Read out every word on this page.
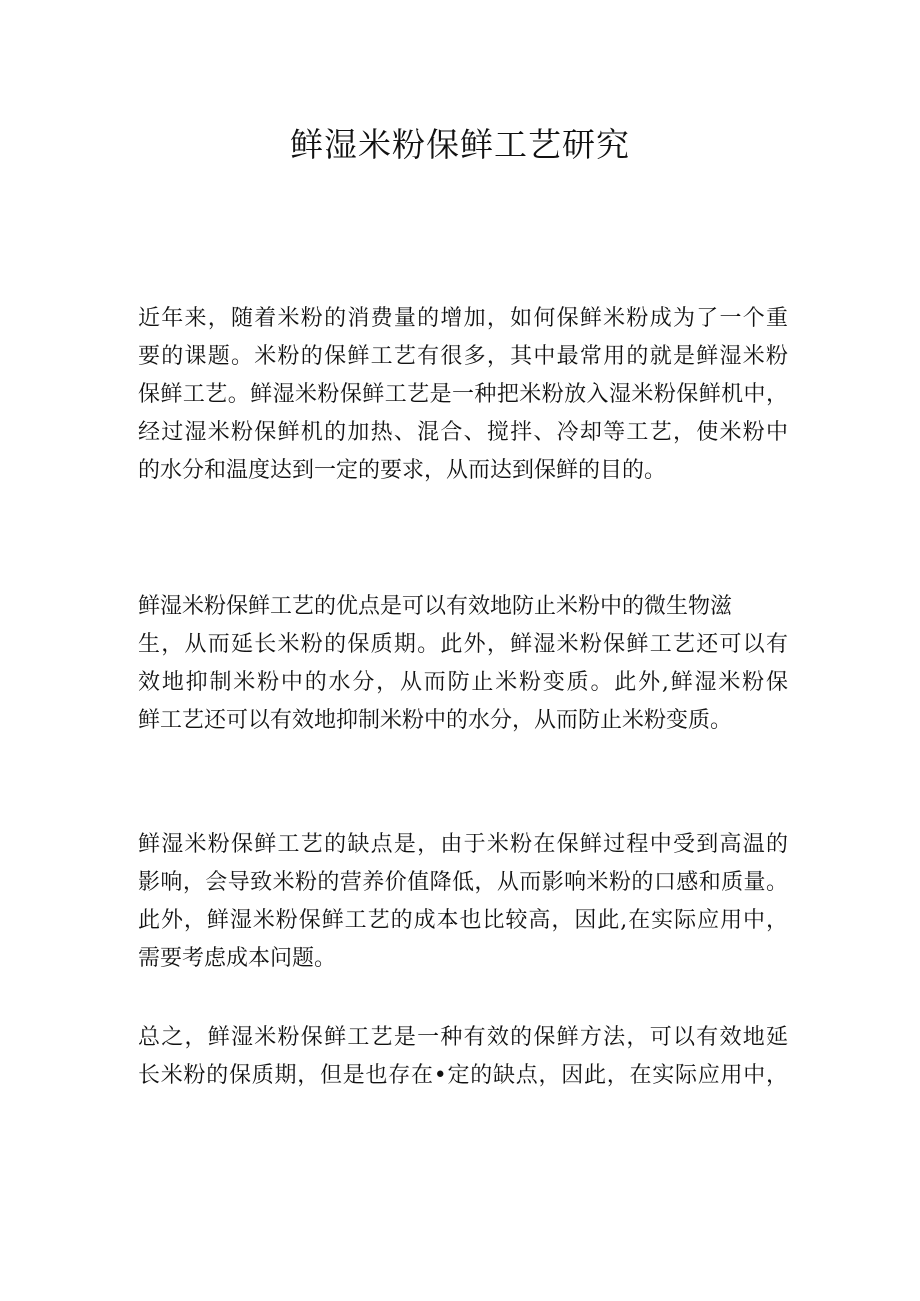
鲜湿米粉保鲜工艺研究

近年来，随着米粉的消费量的增加，如何保鲜米粉成为了一个重
要的课题。米粉的保鲜工艺有很多，其中最常用的就是鲜湿米粉
保鲜工艺。鲜湿米粉保鲜工艺是一种把米粉放入湿米粉保鲜机中，
经过湿米粉保鲜机的加热、混合、搅拌、冷却等工艺，使米粉中
的水分和温度达到一定的要求，从而达到保鲜的目的。

鲜湿米粉保鲜工艺的优点是可以有效地防止米粉中的微生物滋
生，从而延长米粉的保质期。此外，鲜湿米粉保鲜工艺还可以有
效地抑制米粉中的水分，从而防止米粉变质。此外,鲜湿米粉保
鲜工艺还可以有效地抑制米粉中的水分，从而防止米粉变质。

鲜湿米粉保鲜工艺的缺点是，由于米粉在保鲜过程中受到高温的
影响，会导致米粉的营养价值降低，从而影响米粉的口感和质量。
此外，鲜湿米粉保鲜工艺的成本也比较高，因此,在实际应用中，
需要考虑成本问题。

总之，鲜湿米粉保鲜工艺是一种有效的保鲜方法，可以有效地延
长米粉的保质期，但是也存在•定的缺点，因此，在实际应用中，
